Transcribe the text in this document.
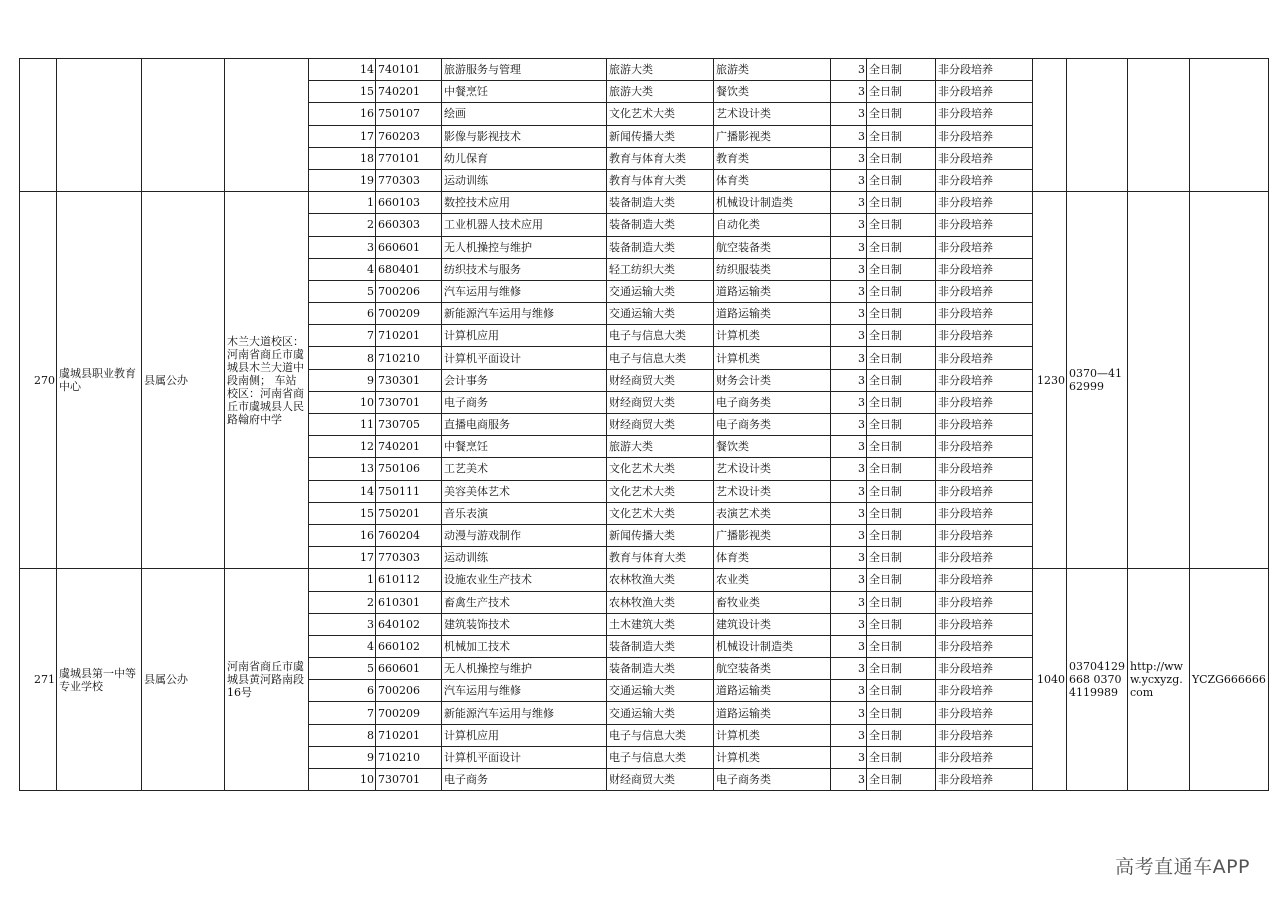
				14	740101	旅游服务与管理	旅游大类	旅游类	3	全日制	非分段培养				
				15	740201	中餐烹饪	旅游大类	餐饮类	3	全日制	非分段培养				
				16	750107	绘画	文化艺术大类	艺术设计类	3	全日制	非分段培养				
				17	760203	影像与影视技术	新闻传播大类	广播影视类	3	全日制	非分段培养				
				18	770101	幼儿保育	教育与体育大类	教育类	3	全日制	非分段培养				
				19	770303	运动训练	教育与体育大类	体育类	3	全日制	非分段培养				
270	虞城县职业教育中心	县属公办	木兰大道校区：河南省商丘市虞城县木兰大道中段南侧； 车站校区：河南省商丘市虞城县人民路翰府中学	1	660103	数控技术应用	装备制造大类	机械设计制造类	3	全日制	非分段培养	1230	0370—4162999		
				2	660303	工业机器人技术应用	装备制造大类	自动化类	3	全日制	非分段培养				
				3	660601	无人机操控与维护	装备制造大类	航空装备类	3	全日制	非分段培养				
				4	680401	纺织技术与服务	轻工纺织大类	纺织服装类	3	全日制	非分段培养				
				5	700206	汽车运用与维修	交通运输大类	道路运输类	3	全日制	非分段培养				
				6	700209	新能源汽车运用与维修	交通运输大类	道路运输类	3	全日制	非分段培养				
				7	710201	计算机应用	电子与信息大类	计算机类	3	全日制	非分段培养				
				8	710210	计算机平面设计	电子与信息大类	计算机类	3	全日制	非分段培养				
				9	730301	会计事务	财经商贸大类	财务会计类	3	全日制	非分段培养				
				10	730701	电子商务	财经商贸大类	电子商务类	3	全日制	非分段培养				
				11	730705	直播电商服务	财经商贸大类	电子商务类	3	全日制	非分段培养				
				12	740201	中餐烹饪	旅游大类	餐饮类	3	全日制	非分段培养				
				13	750106	工艺美术	文化艺术大类	艺术设计类	3	全日制	非分段培养				
				14	750111	美容美体艺术	文化艺术大类	艺术设计类	3	全日制	非分段培养				
				15	750201	音乐表演	文化艺术大类	表演艺术类	3	全日制	非分段培养				
				16	760204	动漫与游戏制作	新闻传播大类	广播影视类	3	全日制	非分段培养				
				17	770303	运动训练	教育与体育大类	体育类	3	全日制	非分段培养				
271	虞城县第一中等专业学校	县属公办	河南省商丘市虞城县黄河路南段16号	1	610112	设施农业生产技术	农林牧渔大类	农业类	3	全日制	非分段培养	1040	03704129668 03704119989	http://www.ycxyzg.com	YCZG666666
				2	610301	畜禽生产技术	农林牧渔大类	畜牧业类	3	全日制	非分段培养				
				3	640102	建筑装饰技术	土木建筑大类	建筑设计类	3	全日制	非分段培养				
				4	660102	机械加工技术	装备制造大类	机械设计制造类	3	全日制	非分段培养				
				5	660601	无人机操控与维护	装备制造大类	航空装备类	3	全日制	非分段培养				
				6	700206	汽车运用与维修	交通运输大类	道路运输类	3	全日制	非分段培养				
				7	700209	新能源汽车运用与维修	交通运输大类	道路运输类	3	全日制	非分段培养				
				8	710201	计算机应用	电子与信息大类	计算机类	3	全日制	非分段培养				
				9	710210	计算机平面设计	电子与信息大类	计算机类	3	全日制	非分段培养				
				10	730701	电子商务	财经商贸大类	电子商务类	3	全日制	非分段培养				
高考直通车APP
